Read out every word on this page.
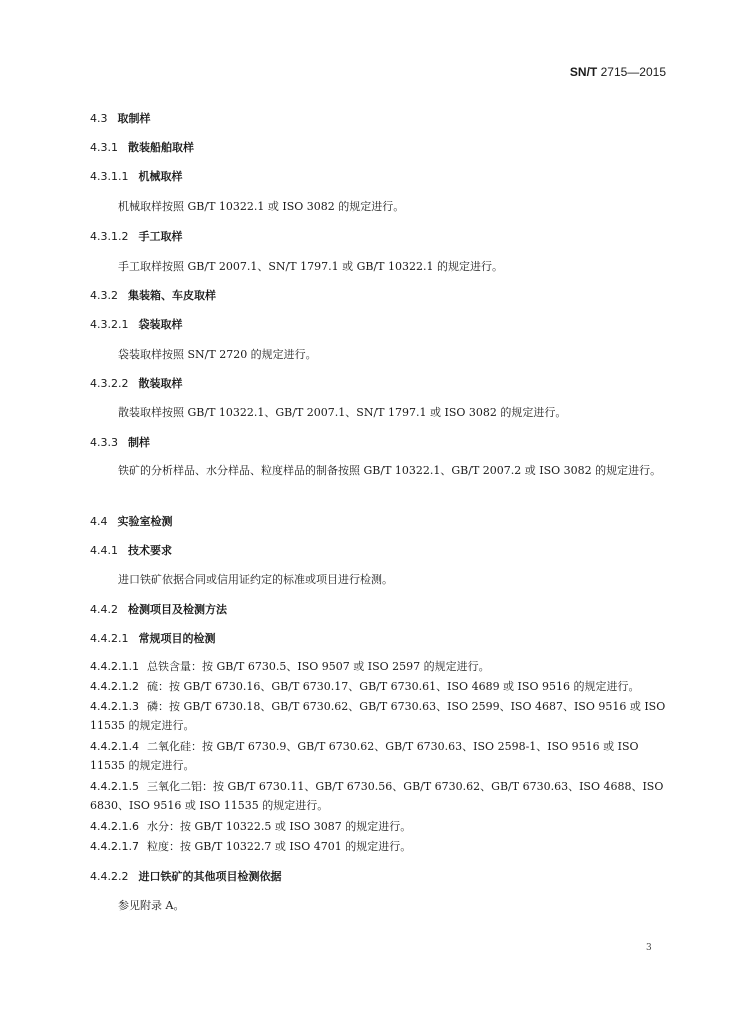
SN/T 2715—2015
4.3 取制样
4.3.1 散装船舶取样
4.3.1.1 机械取样
机械取样按照 GB/T 10322.1 或 ISO 3082 的规定进行。
4.3.1.2 手工取样
手工取样按照 GB/T 2007.1、SN/T 1797.1 或 GB/T 10322.1 的规定进行。
4.3.2 集装箱、车皮取样
4.3.2.1 袋装取样
袋装取样按照 SN/T 2720 的规定进行。
4.3.2.2 散装取样
散装取样按照 GB/T 10322.1、GB/T 2007.1、SN/T 1797.1 或 ISO 3082 的规定进行。
4.3.3 制样
铁矿的分析样品、水分样品、粒度样品的制备按照 GB/T 10322.1、GB/T 2007.2 或 ISO 3082 的规定进行。
4.4 实验室检测
4.4.1 技术要求
进口铁矿依据合同或信用证约定的标准或项目进行检测。
4.4.2 检测项目及检测方法
4.4.2.1 常规项目的检测
4.4.2.1.1 总铁含量：按 GB/T 6730.5、ISO 9507 或 ISO 2597 的规定进行。
4.4.2.1.2 硫：按 GB/T 6730.16、GB/T 6730.17、GB/T 6730.61、ISO 4689 或 ISO 9516 的规定进行。
4.4.2.1.3 磷：按 GB/T 6730.18、GB/T 6730.62、GB/T 6730.63、ISO 2599、ISO 4687、ISO 9516 或 ISO 11535 的规定进行。
4.4.2.1.4 二氧化硅：按 GB/T 6730.9、GB/T 6730.62、GB/T 6730.63、ISO 2598-1、ISO 9516 或 ISO 11535 的规定进行。
4.4.2.1.5 三氧化二铝：按 GB/T 6730.11、GB/T 6730.56、GB/T 6730.62、GB/T 6730.63、ISO 4688、ISO 6830、ISO 9516 或 ISO 11535 的规定进行。
4.4.2.1.6 水分：按 GB/T 10322.5 或 ISO 3087 的规定进行。
4.4.2.1.7 粒度：按 GB/T 10322.7 或 ISO 4701 的规定进行。
4.4.2.2 进口铁矿的其他项目检测依据
参见附录 A。
3
